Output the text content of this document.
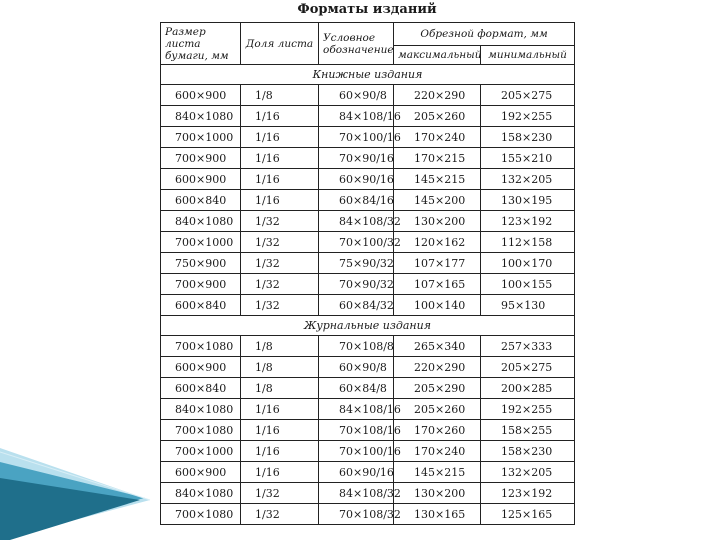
Форматы изданий
Размер листа бумаги, мм	Доля листа	Условное обозначение	Обрезной формат, мм	

			максимальный	минимальный

Книжные издания				

600×900	1/8	60×90/8	220×290	205×275

840×1080	1/16	84×108/16	205×260	192×255

700×1000	1/16	70×100/16	170×240	158×230

700×900	1/16	70×90/16	170×215	155×210

600×900	1/16	60×90/16	145×215	132×205

600×840	1/16	60×84/16	145×200	130×195

840×1080	1/32	84×108/32	130×200	123×192

700×1000	1/32	70×100/32	120×162	112×158

750×900	1/32	75×90/32	107×177	100×170

700×900	1/32	70×90/32	107×165	100×155

600×840	1/32	60×84/32	100×140	95×130

Журнальные издания				

700×1080	1/8	70×108/8	265×340	257×333

600×900	1/8	60×90/8	220×290	205×275

600×840	1/8	60×84/8	205×290	200×285

840×1080	1/16	84×108/16	205×260	192×255

700×1080	1/16	70×108/16	170×260	158×255

700×1000	1/16	70×100/16	170×240	158×230

600×900	1/16	60×90/16	145×215	132×205

840×1080	1/32	84×108/32	130×200	123×192

700×1080	1/32	70×108/32	130×165	125×165
